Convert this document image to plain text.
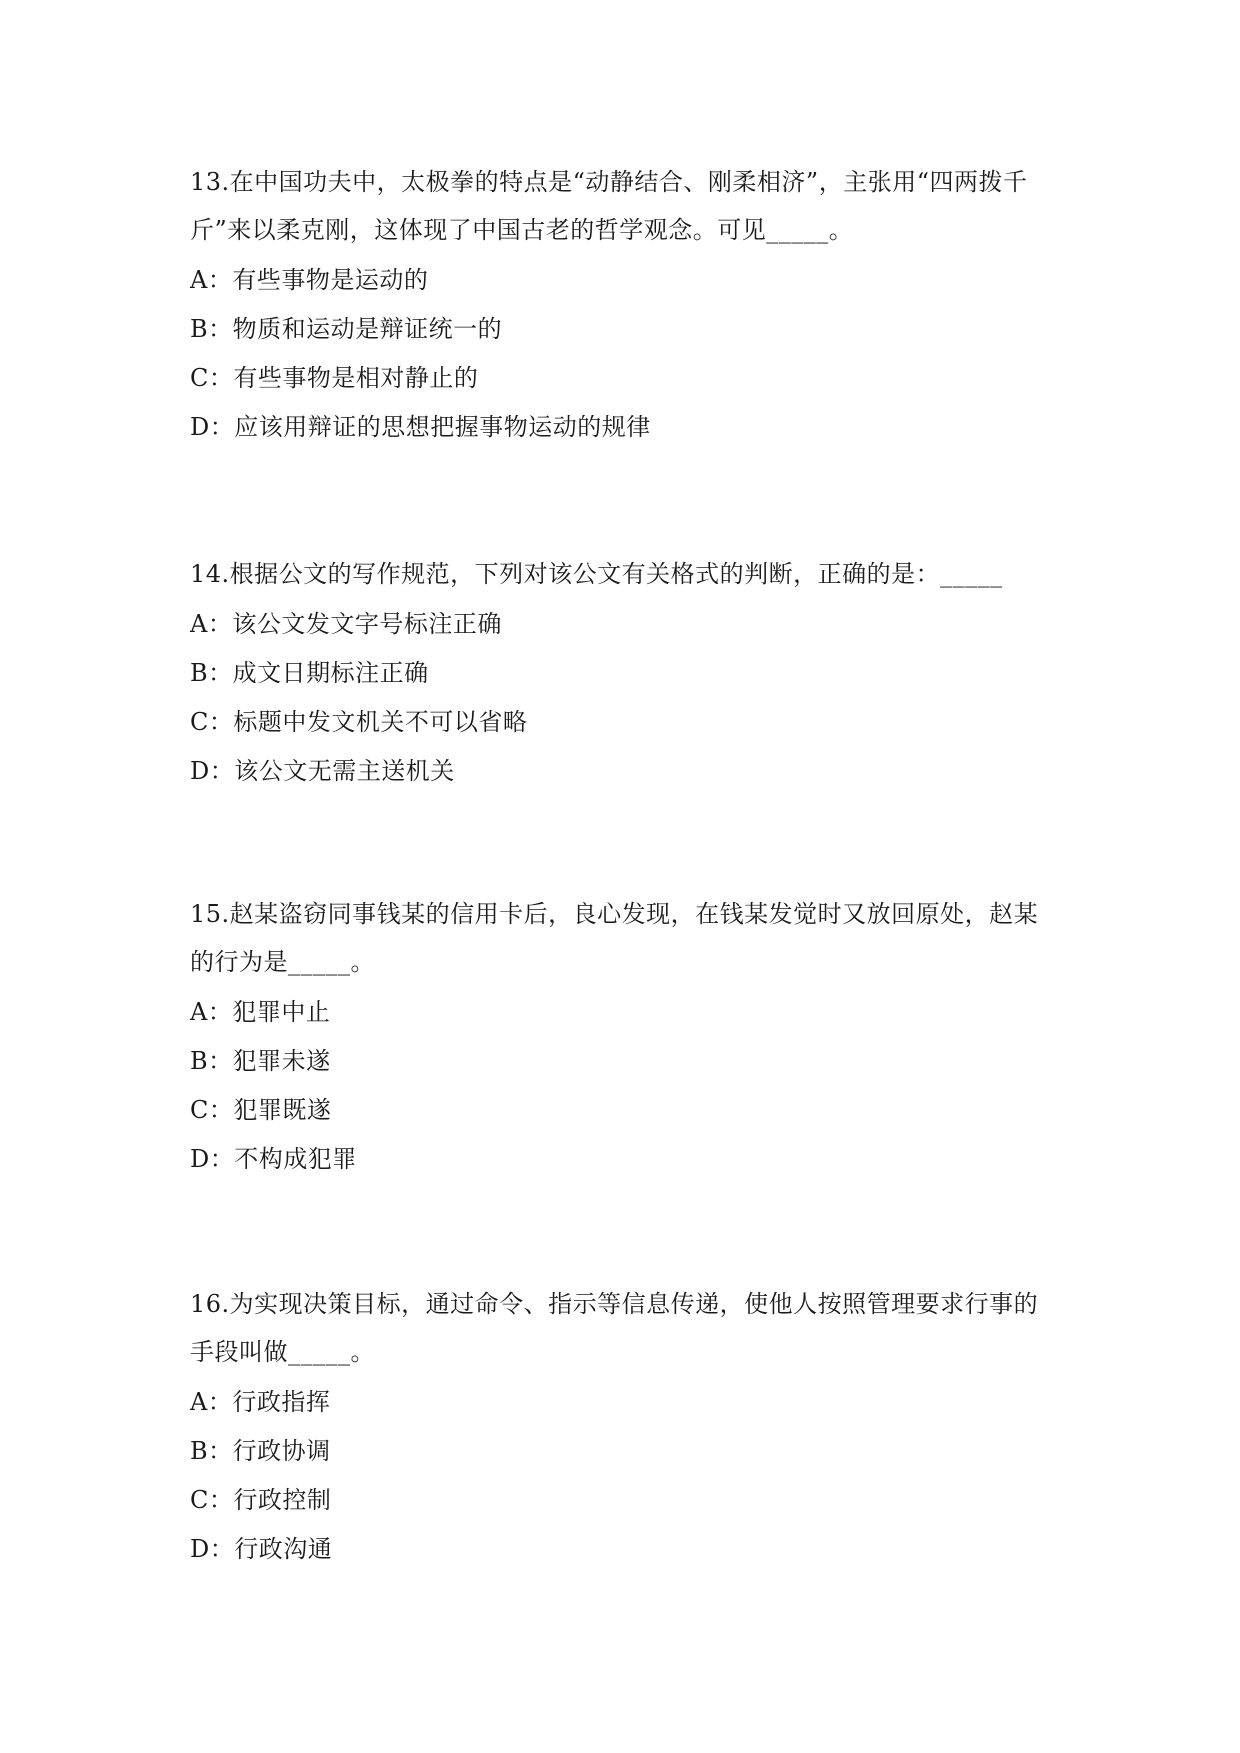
13.在中国功夫中，太极拳的特点是“动静结合、刚柔相济”，主张用“四两拨千斤”来以柔克刚，这体现了中国古老的哲学观念。可见_____。

A：有些事物是运动的

B：物质和运动是辩证统一的

C：有些事物是相对静止的

D：应该用辩证的思想把握事物运动的规律

14.根据公文的写作规范，下列对该公文有关格式的判断，正确的是：_____

A：该公文发文字号标注正确

B：成文日期标注正确

C：标题中发文机关不可以省略

D：该公文无需主送机关

15.赵某盗窃同事钱某的信用卡后，良心发现，在钱某发觉时又放回原处，赵某的行为是_____。

A：犯罪中止

B：犯罪未遂

C：犯罪既遂

D：不构成犯罪

16.为实现决策目标，通过命令、指示等信息传递，使他人按照管理要求行事的手段叫做_____。

A：行政指挥

B：行政协调

C：行政控制

D：行政沟通
